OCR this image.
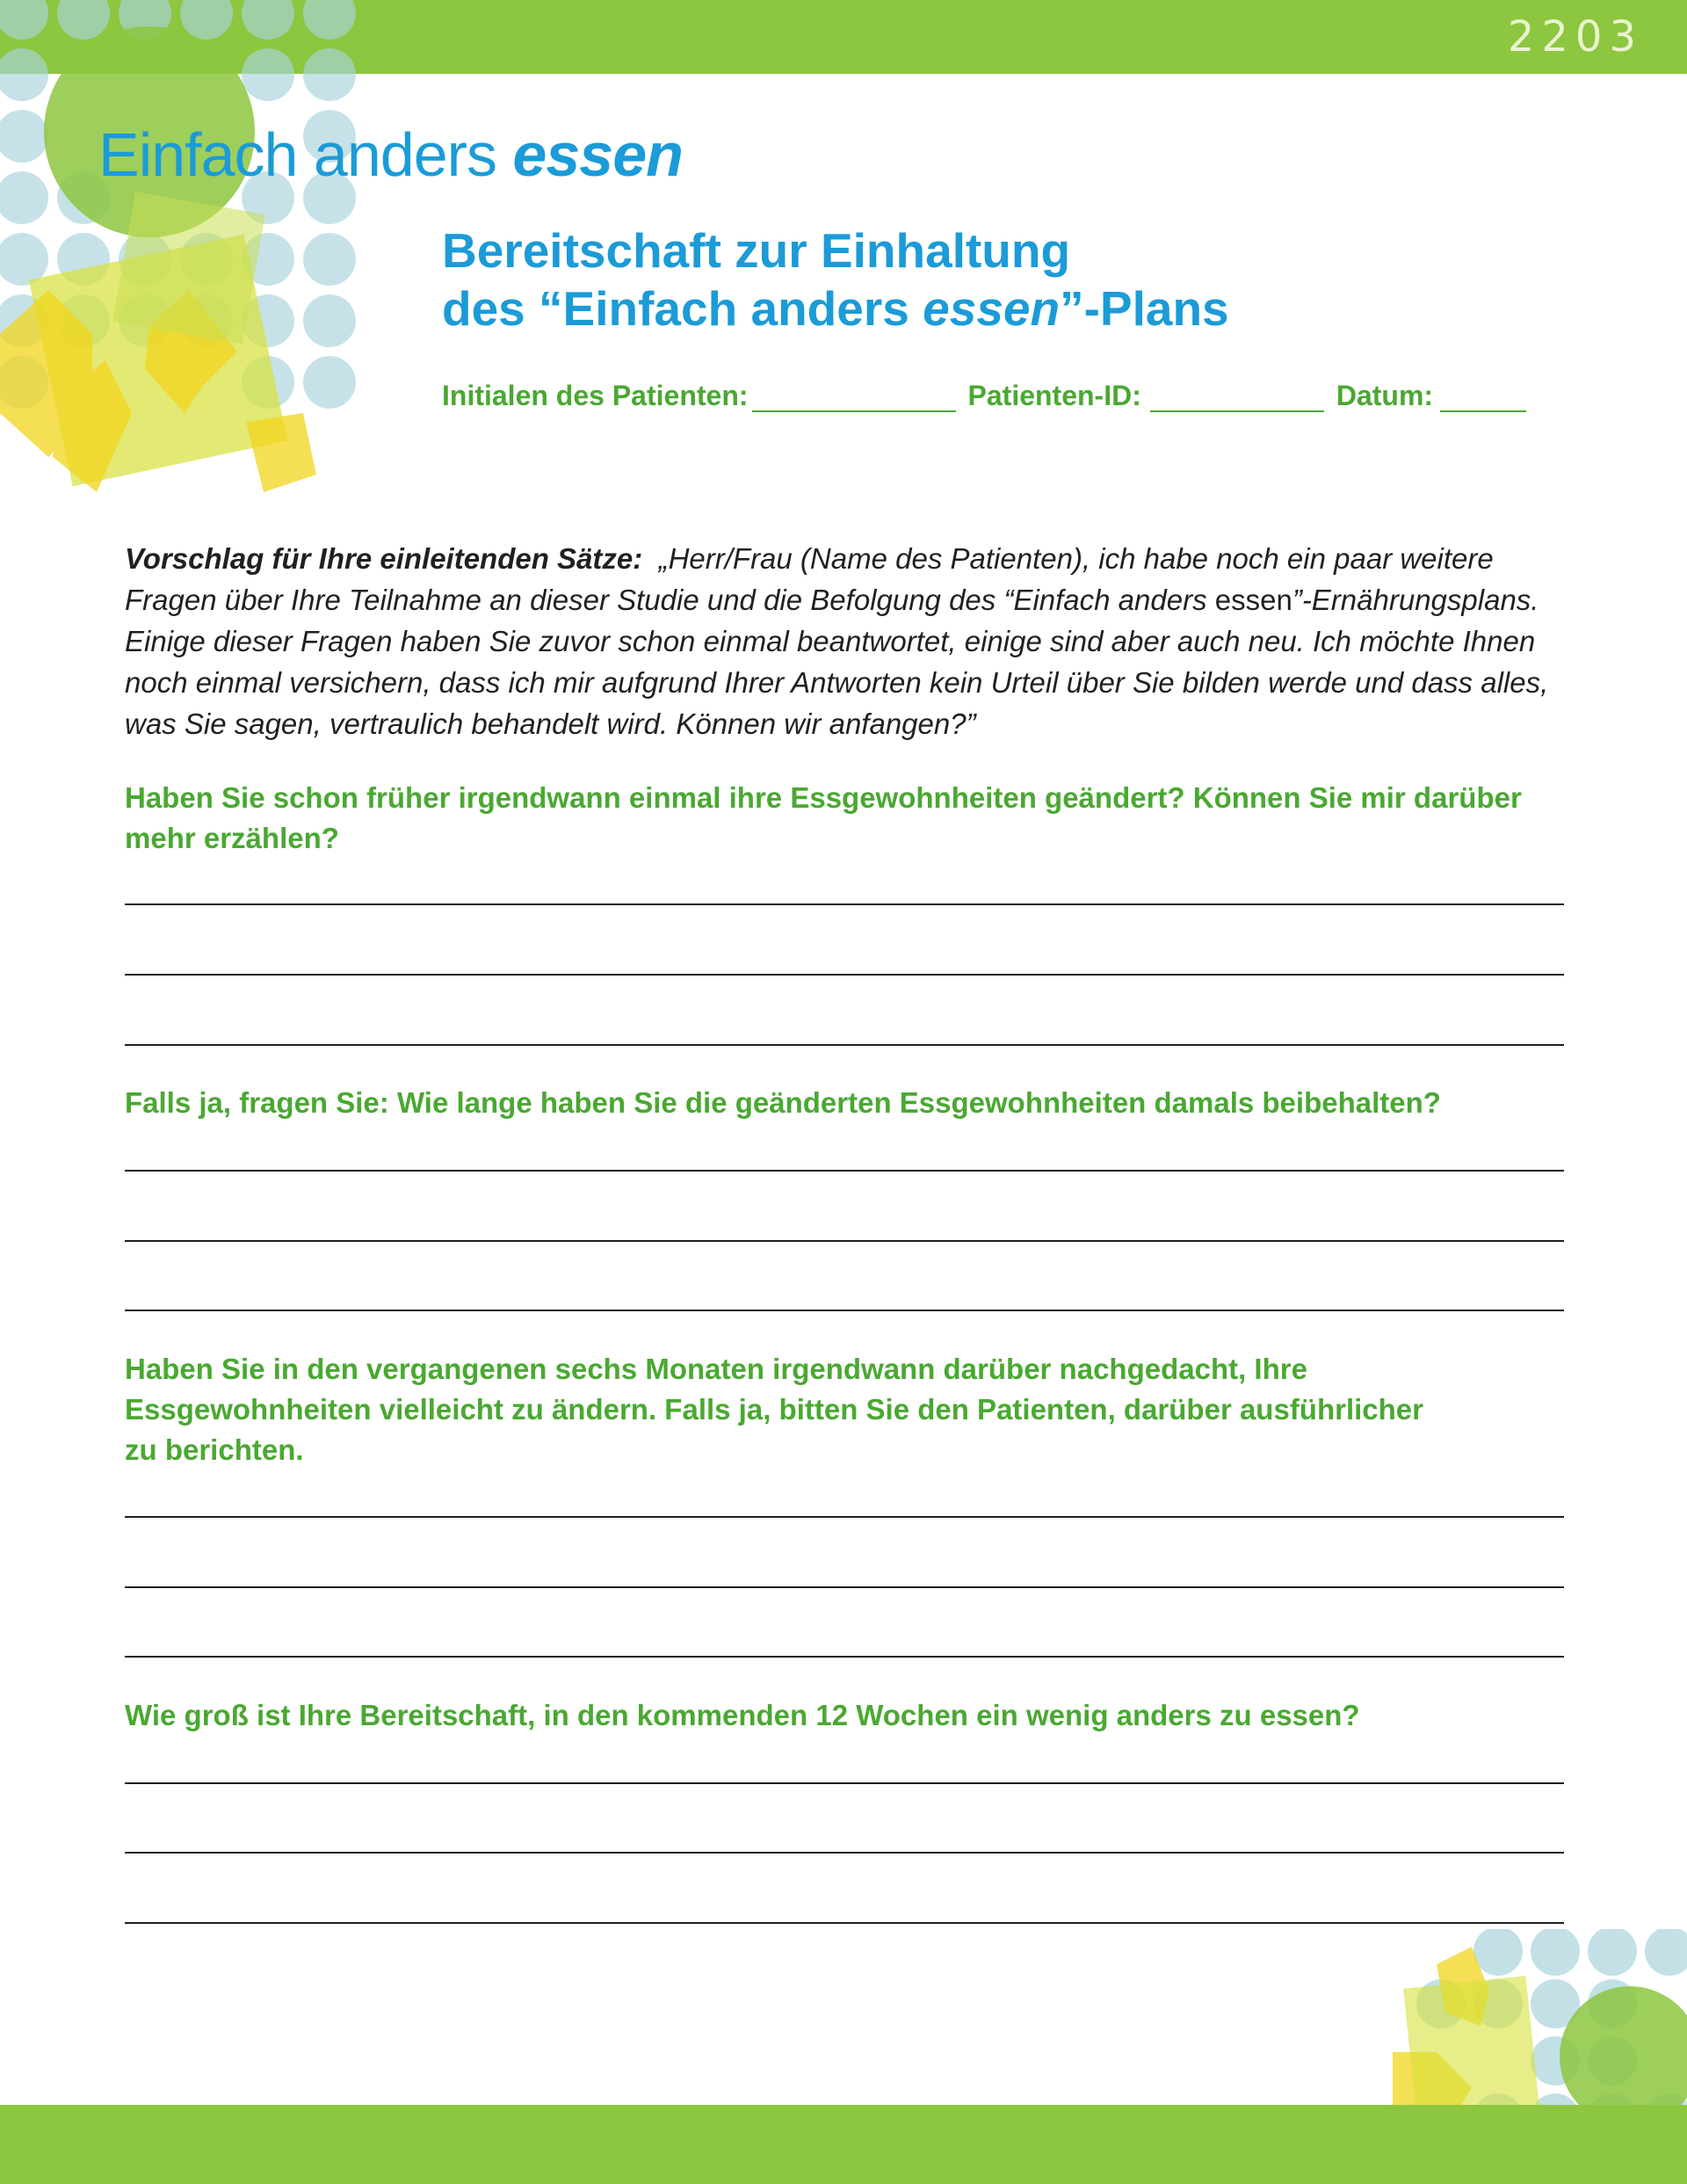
2203
Einfach anders essen
Bereitschaft zur Einhaltung
des “Einfach anders essen”-Plans
Initialen des Patienten:	Patienten-ID:	Datum:
Vorschlag für Ihre einleitenden Sätze: „Herr/Frau (Name des Patienten), ich habe noch ein paar weitere Fragen über Ihre Teilnahme an dieser Studie und die Befolgung des “Einfach anders essen”-Ernährungsplans. Einige dieser Fragen haben Sie zuvor schon einmal beantwortet, einige sind aber auch neu. Ich möchte Ihnen noch einmal versichern, dass ich mir aufgrund Ihrer Antworten kein Urteil über Sie bilden werde und dass alles, was Sie sagen, vertraulich behandelt wird. Können wir anfangen?”
Haben Sie schon früher irgendwann einmal ihre Essgewohnheiten geändert? Können Sie mir darüber mehr erzählen?
Falls ja, fragen Sie: Wie lange haben Sie die geänderten Essgewohnheiten damals beibehalten?
Haben Sie in den vergangenen sechs Monaten irgendwann darüber nachgedacht, Ihre Essgewohnheiten vielleicht zu ändern. Falls ja, bitten Sie den Patienten, darüber ausführlicher zu berichten.
Wie groß ist Ihre Bereitschaft, in den kommenden 12 Wochen ein wenig anders zu essen?
